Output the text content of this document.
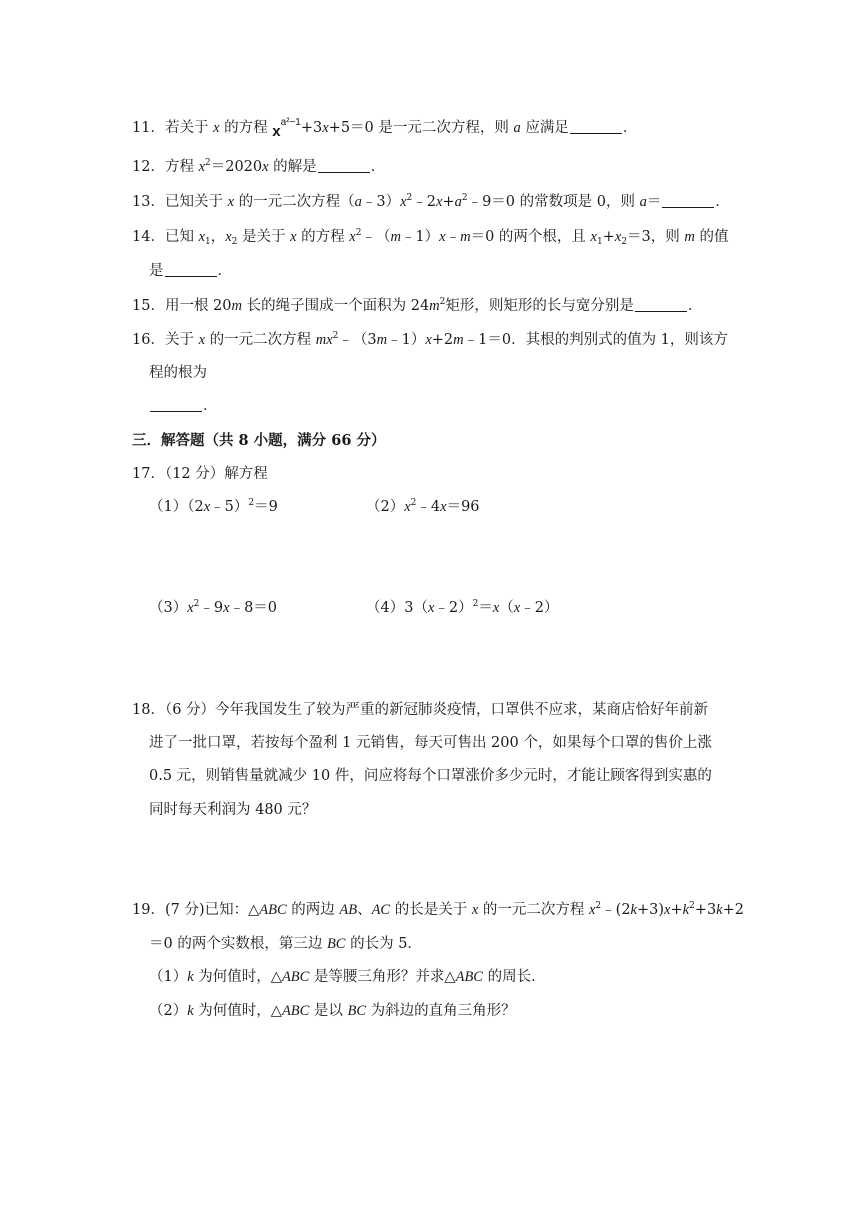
11．若关于 x 的方程 $x^{a^2-1}+3x+5=0$ 是一元二次方程，则 a 应满足	．
12．方程 $x^2=2020x$ 的解是	．
13．已知关于 x 的一元二次方程$(a﹣3)x^2﹣2x+a^2﹣9=0$ 的常数项是 0，则 a＝	．
14．已知 $x_1$，$x_2$ 是关于 x 的方程 $x^2﹣(m﹣1)x﹣m=0$ 的两个根，且 $x_1+x_2=3$，则 m 的值
是	．
15．用一根 20m 长的绳子围成一个面积为 $24m^2$矩形，则矩形的长与宽分别是	．
16．关于 x 的一元二次方程 $mx^2﹣(3m﹣1)x+2m﹣1=0$．其根的判别式的值为 1，则该方
程的根为
．
三．解答题（共 8 小题，满分 66 分）
17．（12 分）解方程
（1）（2x﹣5）$^2$＝9	$(2)x^2﹣4x=96$
$(3)x^2﹣9x﹣8=0$	（4）3（x﹣2）$^2$＝x（x﹣2）
18．（6 分）今年我国发生了较为严重的新冠肺炎疫情，口罩供不应求，某商店恰好年前新
进了一批口罩，若按每个盈利 1 元销售，每天可售出 200 个，如果每个口罩的售价上涨
0.5 元，则销售量就减少 10 件，问应将每个口罩涨价多少元时，才能让顾客得到实惠的
同时每天利润为 480 元？
19．(7 分)已知：△ABC 的两边 AB、AC 的长是关于 x 的一元二次方程 $x^2﹣(2k+3)x+k^2+3k+2$
＝0 的两个实数根，第三边 BC 的长为 5．
（1）k 为何值时，△ABC 是等腰三角形？并求△ABC 的周长．
（2）k 为何值时，△ABC 是以 BC 为斜边的直角三角形？
